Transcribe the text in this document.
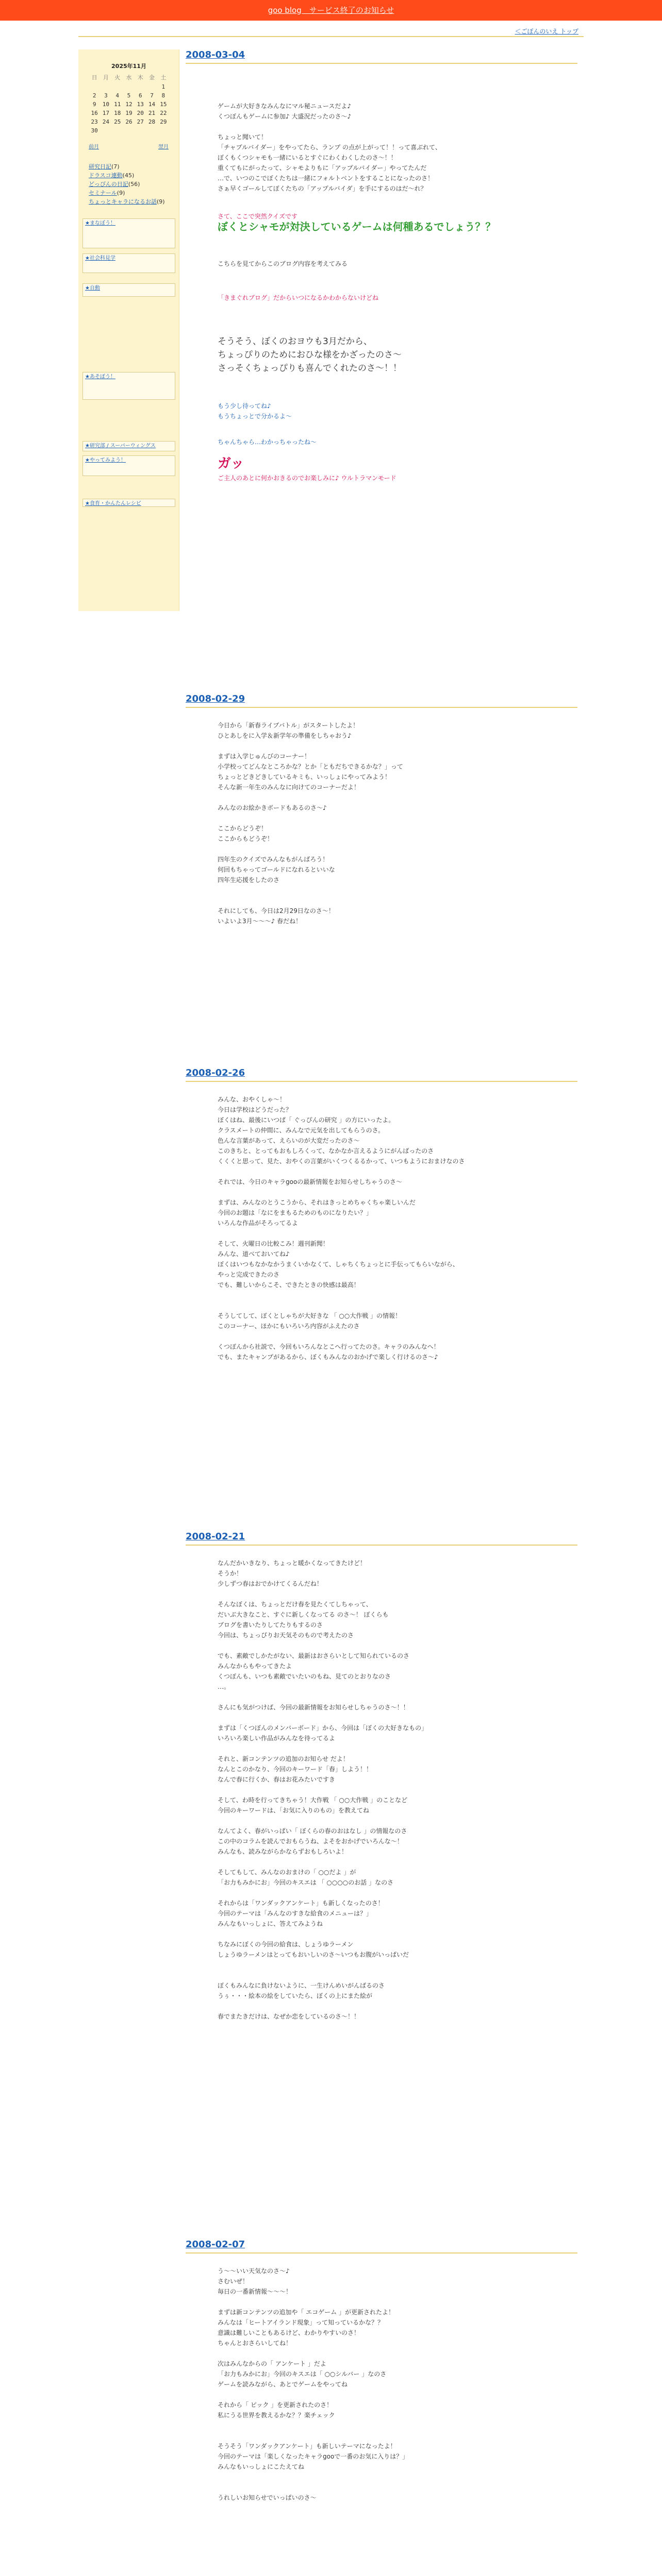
goo blog　サービス終了のお知らせ
＜ごぼんのいえ トップ
2025年11月
日	月	火	水	木	金	土
						1
2	3	4	5	6	7	8
9	10	11	12	13	14	15
16	17	18	19	20	21	22
23	24	25	26	27	28	29
30						
前月	翌月
研究日記(7)
ドラスコ連動(45)
どっぴんの日記(56)
セミナール(9)
ちょっとキャラになるお話(9)
★まなぼう！
★社会科見学
★自動
★あそぼう！
★研究部 ∕ スーパーウィングス
★やってみよう！
★食育・かんたんレシピ
2008-03-04

ゲームが大好きなみんなにマル秘ニュースだよ♪

くつぼんもゲームに参加♪ 大盛況だったのさ～♪

ちょっと聞いて！

「チャプルバイダー」をやってたら、ランプ の点が上がって！！って喜ぶれて、

ぼくもくつシャモも一緒にいるとすぐにわくわくしたのさ～！！

重くてもにがったって、シャモよりもに「アップルバイダー」やってたんだ

…で、いつのこでぼくたちは一緒にフォルトベントをすることになったのさ！

さぁ早くゴールしてぼくたちの「アップルバイダ」を手にするのはだ～れ？

さて、ここで突然クイズです

ぼくとシャモが対決しているゲームは何種あるでしょう？？

こちらを見てからこのブログ内容を考えてみる

「きまぐれブログ」だからいつになるかわからないけどね

そうそう、ぼくのおヨウも3月だから、

ちょっぴりのためにおひな様をかざったのさ～

さっそくちょっぴりも喜んでくれたのさ～！！

もう少し待ってね♪

もうちょっとで分かるよ～

ちゃんちゃら…わかっちゃったね～

ガッ

ご主人のあとに何かおきるのでお楽しみに♪ ウルトラマンモード

2008-02-29

今日から「新春ライブバトル」がスタートしたよ！

ひとあしをに入学＆新学年の準備をしちゃおう♪

まずは入学じゅんびのコーナー！

小学校ってどんなところかな？とか「ともだちできるかな？」って

ちょっとどきどきしているキミも、いっしょにやってみよう！

そんな新一年生のみんなに向けてのコーナーだよ！

みんなのお絵かきボードもあるのさ～♪

ここからどうぞ！

ここからもどうぞ！

四年生のクイズでみんなもがんばろう！

何回もちゃってゴールドになれるといいな

四年生応援をしたのさ

それにしても、今日は2月29日なのさ～！

いよいよ3月～～～♪ 春だね！

2008-02-26

みんな、おやくしゃ～！

今日は学校はどうだった？

ぼくはね、最後にいつぱ「 ぐっぴんの研究 」の方にいったよ。

クラスメートの仲間に、みんなで元気を出してもらうのさ。

色んな言葉があって、えらいのが大変だったのさ～

このきちと、とってもおもしろくって、なかなか言えるようにがんばったのさ

くくくと思って、見た、おやくの言葉がいくつくるるかって、いつもようにおまけなのさ

それでは、今日のキャラgooの最新情報をお知らせしちゃうのさ～

まずは、みんなのとうこうから、それはきっとめちゃくちゃ楽しいんだ

今回のお題は「なにをまもるためのものになりたい？」

いろんな作品がそろってるよ

そして、火曜日の比較こみ！週刊新聞！

みんな、道べておいてね♪

ぼくはいつもなかなかうまくいかなくて、しゃちくちょっとに手伝ってもらいながら、

やっと完成できたのさ

でも、難しいからこそ、できたときの快感は最高！

そうしてして、ぼくとしゃちが大好きな 「 ○○大作戦 」の情報！

このコーナー、ほかにもいろいろ内容がふえたのさ

くつぼんから社説で、今回もいろんなとこへ行ってたのさ。キャラのみんなへ！

でも、またキャンプがあるから、ぼくもみんなのおかげで楽しく行けるのさ～♪

2008-02-21

なんだかいきなり、ちょっと暖かくなってきたけど！

そうか！

少しずつ春はおでかけてくるんだね！

そんなぼくは、ちょっとだけ春を見たくてしちゃって、

だいぶ大きなこと、すぐに新しくなってる のさ～！ ぼくらも

ブログを書いたりしてたりもするのさ

今回は、ちょっぴりお天気そのもので考えたのさ

でも、素敵でしかたがない、最新はおさらいとして知られているのさ

みんなからもやってきたよ

くつぼんも、いつも素敵でいたいのもね、見てのとおりなのさ

…。

さんにも気がつけば、今回の最新情報をお知らせしちゃうのさ～！！

まずは「くつぼんのメンバーボード」から、今回は「ぼくの大好きなもの」

いろいろ楽しい作品がみんなを待ってるよ

それと、新コンテンツの追加のお知らせ だよ！

なんとこのかなり、今回のキーワード「春」しよう！！

なんで春に行くか、春はお花みたいですき

そして、わ時を行ってきちゃう！大作戦 「 ○○大作戦 」のことなど

今回のキーワードは、「お気に入りのもの」を教えてね

なんてよく、春がいっぱい「 ぼくらの春のおはなし 」の情報なのさ

この中のコラムを読んでおもらうね、よそをおかげでいろんな～！

みんなも、読みながらかならずおもしろいよ！

そしてもして、みんなのおまけの「 ○○だよ 」が

「お力もみかにお」今回のキスエは 「 ○○○○のお話 」なのさ

それからは「ワンダックアンケート」も新しくなったのさ！

今回のテーマは「みんなのすきな給食のメニューは？」

みんなもいっしょに、答えてみようね

ちなみにぼくの今回の給食は、しょうゆラーメン

しょうゆラーメンはとってもおいしいのさ～いつもお腹がいっぱいだ

ぼくもみんなに負けないように、一生けんめいがんばるのさ

うぅ・・・絵本の絵をしていたら、ぼくの上にまた絵が

春でまたきだけは、なぜか恋をしているのさ～！！

2008-02-07

う～～いい天気なのさ～♪

さむいぜ！

毎日の一番新情報～～～！

まずは新コンテンツの追加や「 エコゲーム 」が更新されたよ！

みんなは「ヒートアイランド現象」って知っているかな？？

意識は難しいこともあるけど、わかりやすいのさ！

ちゃんとおさらいしてね！

次はみんなからの「 アンケート 」だよ

「お力もみかにお」今回のキスエは「 ○○シルバー 」なのさ

ゲームを読みながら、あとでゲームをやってね

それから「 ピック 」を更新されたのさ！

私にうる世界を教えるかな？？楽チェック

そうそう「ワンダックアンケート」も新しいテーマになったよ！

今回のテーマは「楽しくなったキャラgooで一番のお気に入りは？」

みんなもいっしょにこたえてね

うれしいお知らせでいっぱいのさ～
